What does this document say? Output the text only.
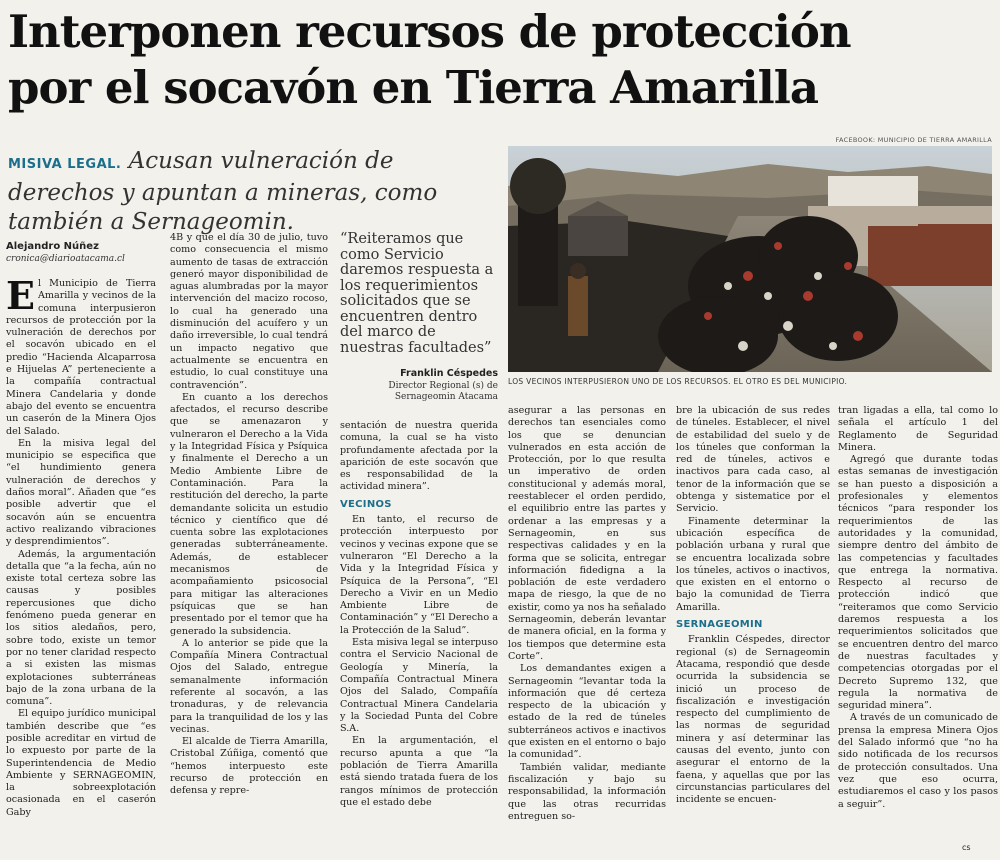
Interponen recursos de protección
por el socavón en Tierra Amarilla
MISIVA LEGAL. Acusan vulneración de derechos y apuntan a mineras, como también a Sernageomin.
FACEBOOK: MUNICIPIO DE TIERRA AMARILLA
LOS VECINOS INTERPUSIERON UNO DE LOS RECURSOS. EL OTRO ES DEL MUNICIPIO.
Alejandro Núñez
cronica@diarioatacama.cl

El Municipio de Tierra Amarilla y vecinos de la comuna interpusieron recursos de protección por la vulneración de derechos por el socavón ubicado en el predio “Hacienda Alcaparrosa e Hijuelas A” perteneciente a la compañía contractual Minera Candelaria y donde abajo del evento se encuentra un caserón de la Minera Ojos del Salado.

En la misiva legal del municipio se especifica que “el hundimiento genera vulneración de derechos y daños moral”. Añaden que “es posible advertir que el socavón aún se encuentra activo realizando vibraciones y desprendimientos”.

Además, la argumentación detalla que “a la fecha, aún no existe total certeza sobre las causas y posibles repercusiones que dicho fenómeno pueda generar en los sitios aledaños, pero, sobre todo, existe un temor por no tener claridad respecto a si existen las mismas explotaciones subterráneas bajo de la zona urbana de la comuna”.

El equipo jurídico municipal también describe que “es posible acreditar en virtud de lo expuesto por parte de la Superintendencia de Medio Ambiente y SERNAGEOMIN, la sobreexplotación ocasionada en el caserón Gaby

4B y que el día 30 de julio, tuvo como consecuencia el mismo aumento de tasas de extracción generó mayor disponibilidad de aguas alumbradas por la mayor intervención del macizo rocoso, lo cual ha generado una disminución del acuífero y un daño irreversible, lo cual tendrá un impacto negativo que actualmente se encuentra en estudio, lo cual constituye una contravención”.

En cuanto a los derechos afectados, el recurso describe que se amenazaron y vulneraron el Derecho a la Vida y la Integridad Física y Psíquica y finalmente el Derecho a un Medio Ambiente Libre de Contaminación. Para la restitución del derecho, la parte demandante solicita un estudio técnico y científico que dé cuenta sobre las explotaciones generadas subterráneamente. Además, de establecer mecanismos de acompañamiento psicosocial para mitigar las alteraciones psíquicas que se han presentado por el temor que ha generado la subsidencia.

A lo anterior se pide que la Compañía Minera Contractual Ojos del Salado, entregue semanalmente información referente al socavón, a las tronaduras, y de relevancia para la tranquilidad de los y las vecinas.

El alcalde de Tierra Amarilla, Cristobal Zúñiga, comentó que “hemos interpuesto este recurso de protección en defensa y repre-

“Reiteramos que como Servicio daremos respuesta a los requerimientos solicitados que se encuentren dentro del marco de nuestras facultades”
Franklin Céspedes
Director Regional (s) de Sernageomin Atacama

sentación de nuestra querida comuna, la cual se ha visto profundamente afectada por la aparición de este socavón que es responsabilidad de la actividad minera”.

VECINOS

En tanto, el recurso de protección interpuesto por vecinos y vecinas expone que se vulneraron “El Derecho a la Vida y la Integridad Física y Psíquica de la Persona”, “El Derecho a Vivir en un Medio Ambiente Libre de Contaminación” y “El Derecho a la Protección de la Salud”.

Esta misiva legal se interpuso contra el Servicio Nacional de Geología y Minería, la Compañía Contractual Minera Ojos del Salado, Compañía Contractual Minera Candelaria y la Sociedad Punta del Cobre S.A.

En la argumentación, el recurso apunta a que “la población de Tierra Amarilla está siendo tratada fuera de los rangos mínimos de protección que el estado debe

asegurar a las personas en derechos tan esenciales como los que se denuncian vulnerados en esta acción de Protección, por lo que resulta un imperativo de orden constitucional y además moral, reestablecer el orden perdido, el equilibrio entre las partes y ordenar a las empresas y a Sernageomin, en sus respectivas calidades y en la forma que se solicita, entregar información fidedigna a la población de este verdadero mapa de riesgo, la que de no existir, como ya nos ha señalado Sernageomin, deberán levantar de manera oficial, en la forma y los tiempos que determine esta Corte”.

Los demandantes exigen a Sernageomin “levantar toda la información que dé certeza respecto de la ubicación y estado de la red de túneles subterráneos activos e inactivos que existen en el entorno o bajo la comunidad”.

También validar, mediante fiscalización y bajo su responsabilidad, la información que las otras recurridas entreguen so-

bre la ubicación de sus redes de túneles. Establecer, el nivel de estabilidad del suelo y de los túneles que conforman la red de túneles, activos e inactivos para cada caso, al tenor de la información que se obtenga y sistematice por el Servicio.

Finamente determinar la ubicación específica de población urbana y rural que se encuentra localizada sobre los túneles, activos o inactivos, que existen en el entorno o bajo la comunidad de Tierra Amarilla.

SERNAGEOMIN

Franklin Céspedes, director regional (s) de Sernageomin Atacama, respondió que desde ocurrida la subsidencia se inició un proceso de fiscalización e investigación respecto del cumplimiento de las normas de seguridad minera y así determinar las causas del evento, junto con asegurar el entorno de la faena, y aquellas que por las circunstancias particulares del incidente se encuen-

tran ligadas a ella, tal como lo señala el artículo 1 del Reglamento de Seguridad Minera.

Agregó que durante todas estas semanas de investigación se han puesto a disposición a profesionales y elementos técnicos “para responder los requerimientos de las autoridades y la comunidad, siempre dentro del ámbito de las competencias y facultades que entrega la normativa. Respecto al recurso de protección indicó que “reiteramos que como Servicio daremos respuesta a los requerimientos solicitados que se encuentren dentro del marco de nuestras facultades y competencias otorgadas por el Decreto Supremo 132, que regula la normativa de seguridad minera”.

A través de un comunicado de prensa la empresa Minera Ojos del Salado informó que “no ha sido notificada de los recursos de protección consultados. Una vez que eso ocurra, estudiaremos el caso y los pasos a seguir”.

cs
